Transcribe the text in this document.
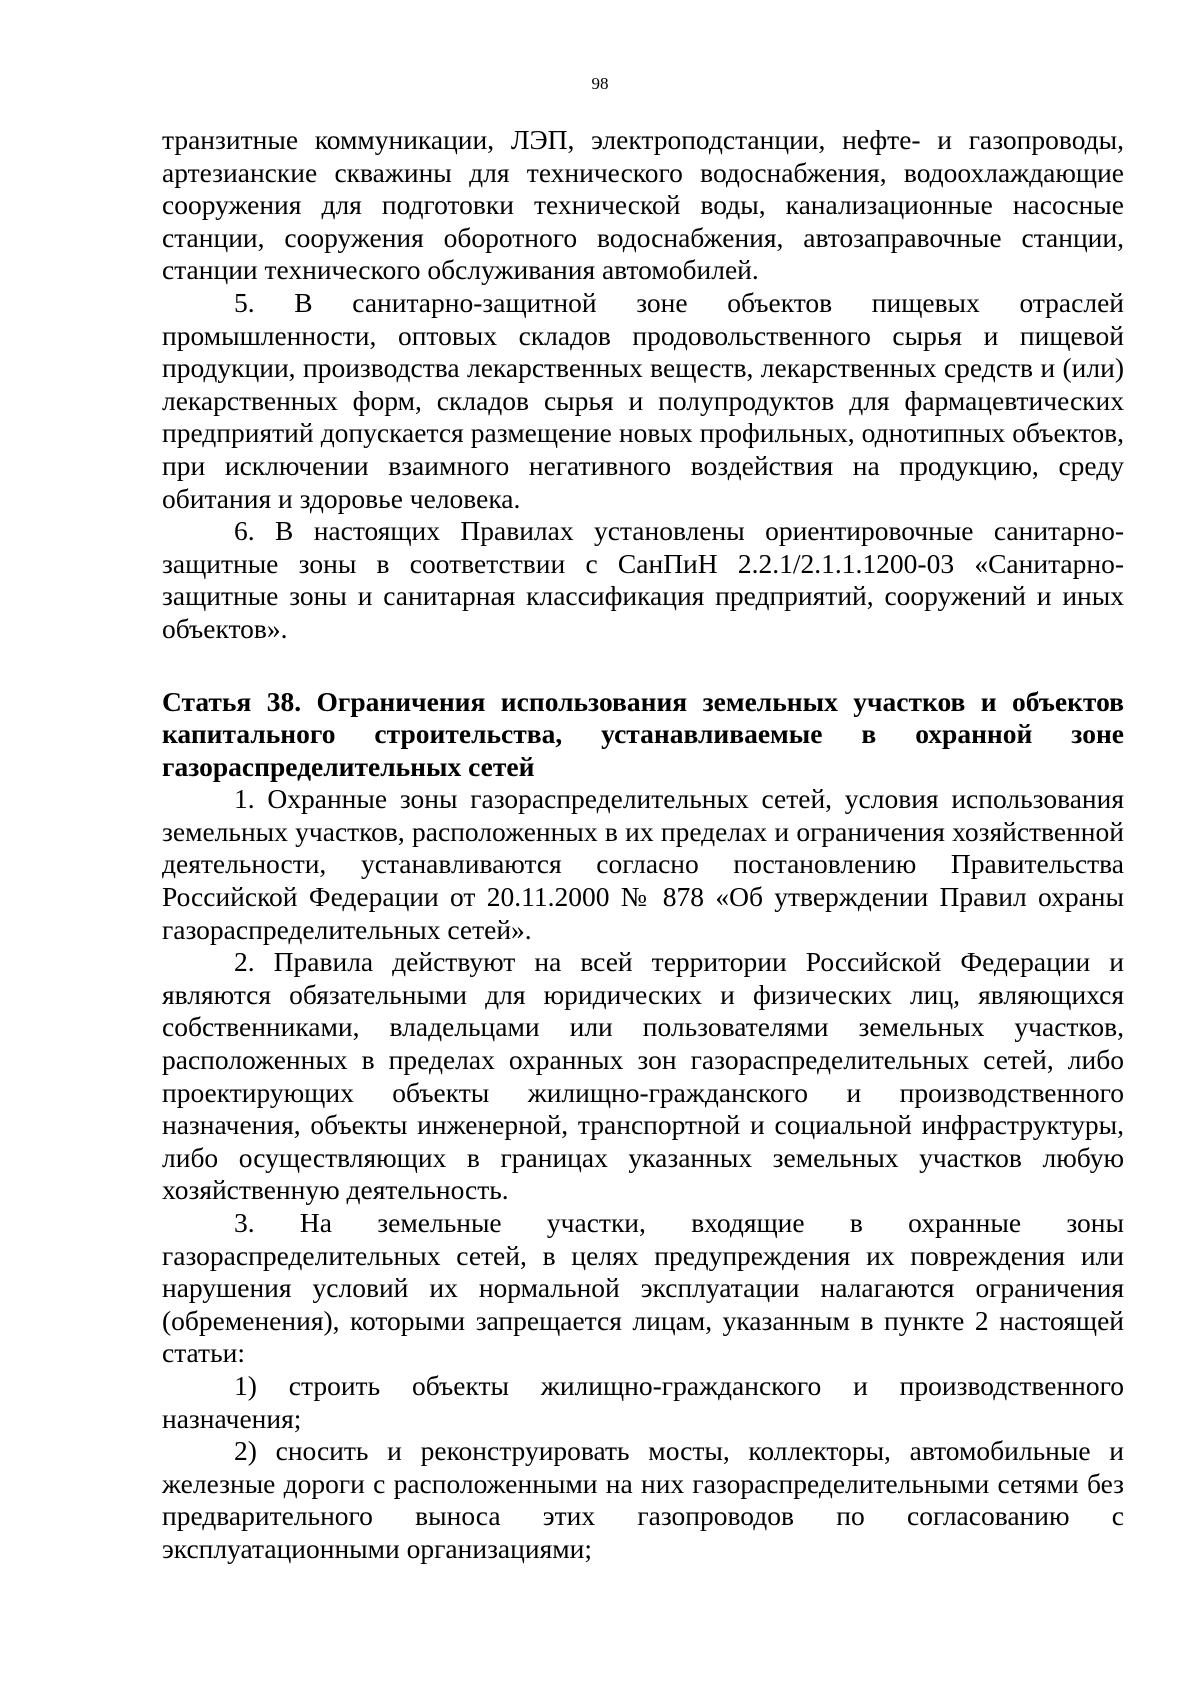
98

транзитные коммуникации, ЛЭП, электроподстанции, нефте- и газопроводы, артезианские скважины для технического водоснабжения, водоохлаждающие сооружения для подготовки технической воды, канализационные насосные станции, сооружения оборотного водоснабжения, автозаправочные станции, станции технического обслуживания автомобилей.

5. В санитарно-защитной зоне объектов пищевых отраслей промышленности, оптовых складов продовольственного сырья и пищевой продукции, производства лекарственных веществ, лекарственных средств и (или) лекарственных форм, складов сырья и полупродуктов для фармацевтических предприятий допускается размещение новых профильных, однотипных объектов, при исключении взаимного негативного воздействия на продукцию, среду обитания и здоровье человека.

6. В настоящих Правилах установлены ориентировочные санитарно-защитные зоны в соответствии с СанПиН 2.2.1/2.1.1.1200-03 «Санитарно-защитные зоны и санитарная классификация предприятий, сооружений и иных объектов».

Статья 38. Ограничения использования земельных участков и объектов капитального строительства, устанавливаемые в охранной зоне газораспределительных сетей

1. Охранные зоны газораспределительных сетей, условия использования земельных участков, расположенных в их пределах и ограничения хозяйственной деятельности, устанавливаются согласно постановлению Правительства Российской Федерации от 20.11.2000 № 878 «Об утверждении Правил охраны газораспределительных сетей».

2. Правила действуют на всей территории Российской Федерации и являются обязательными для юридических и физических лиц, являющихся собственниками, владельцами или пользователями земельных участков, расположенных в пределах охранных зон газораспределительных сетей, либо проектирующих объекты жилищно-гражданского и производственного назначения, объекты инженерной, транспортной и социальной инфраструктуры, либо осуществляющих в границах указанных земельных участков любую хозяйственную деятельность.

3. На земельные участки, входящие в охранные зоны газораспределительных сетей, в целях предупреждения их повреждения или нарушения условий их нормальной эксплуатации налагаются ограничения (обременения), которыми запрещается лицам, указанным в пункте 2 настоящей статьи:

1) строить объекты жилищно-гражданского и производственного назначения;

2) сносить и реконструировать мосты, коллекторы, автомобильные и железные дороги с расположенными на них газораспределительными сетями без предварительного выноса этих газопроводов по согласованию с эксплуатационными организациями;
